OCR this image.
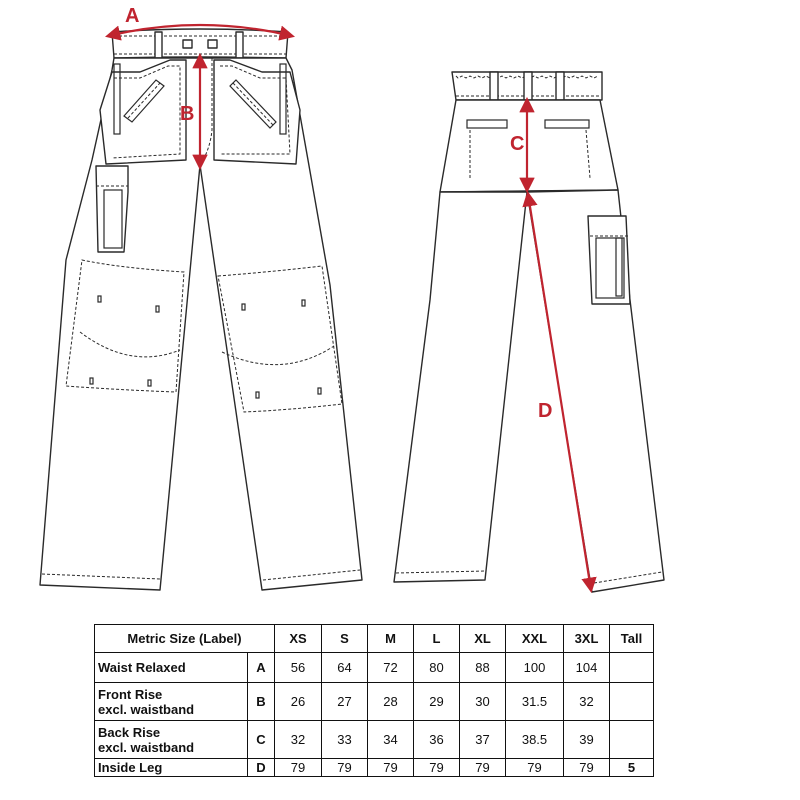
A
B
C
D
Metric Size (Label)		XS	S	M	L	XL	XXL	3XL	Tall
Waist Relaxed	A	56	64	72	80	88	100	104	
Front Rise
excl. waistband	B	26	27	28	29	30	31.5	32	
Back Rise
excl. waistband	C	32	33	34	36	37	38.5	39	
Inside Leg	D	79	79	79	79	79	79	79	5
